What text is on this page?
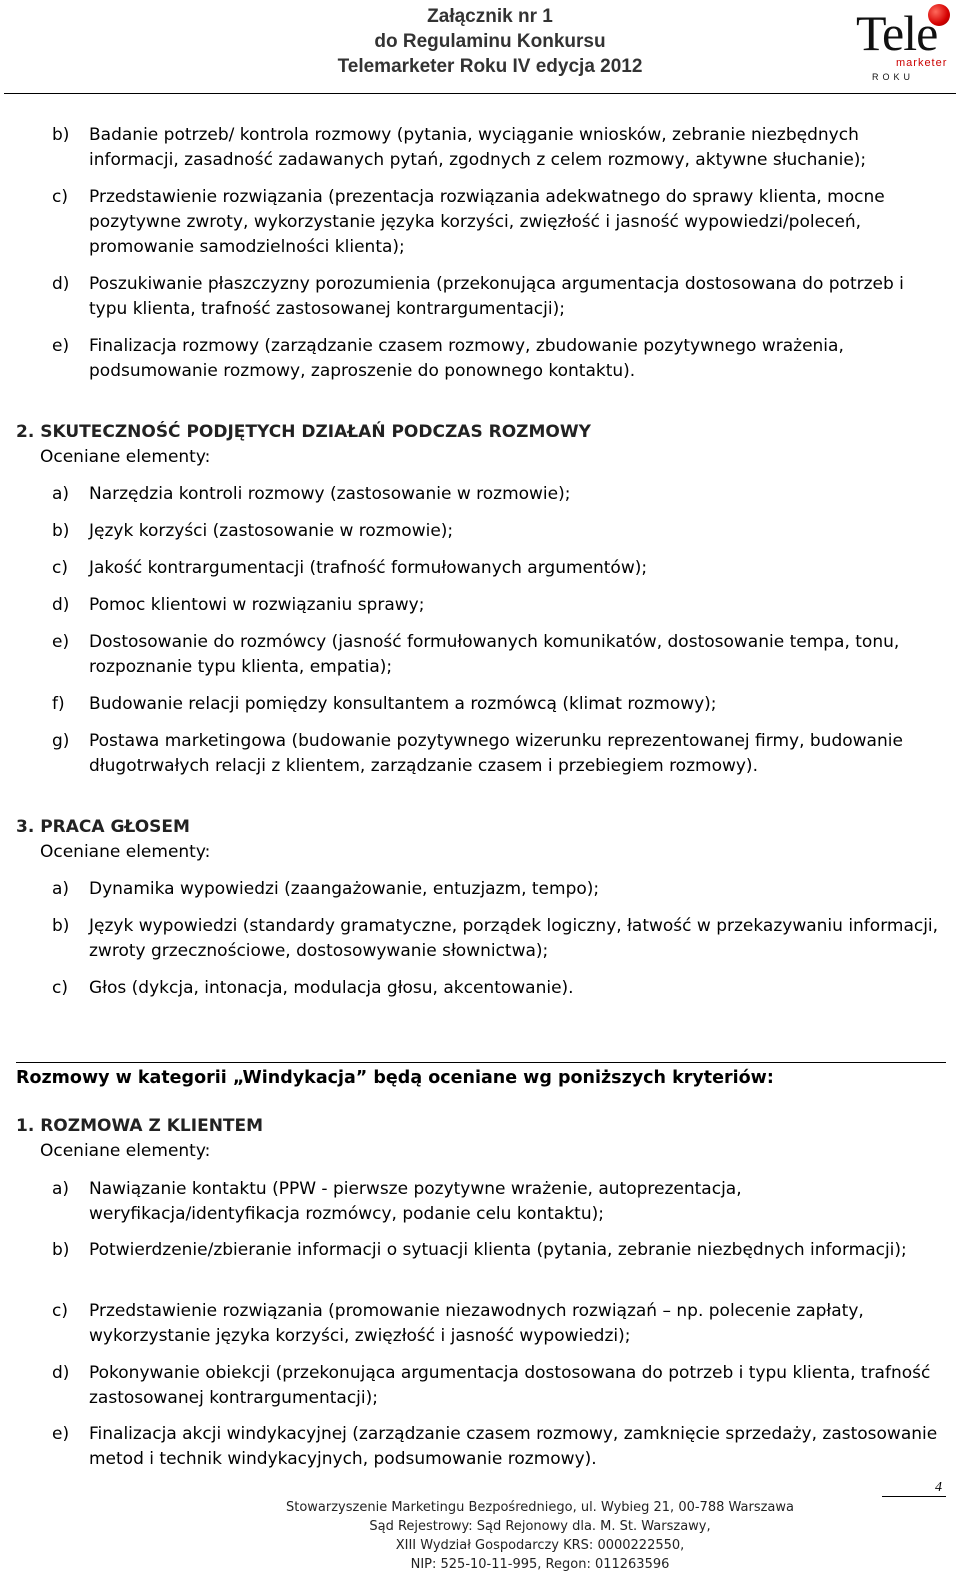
Załącznik nr 1
do Regulaminu Konkursu
Telemarketer Roku IV edycja 2012
Tele
marketer
ROKU
b) Badanie potrzeb/ kontrola rozmowy (pytania, wyciąganie wniosków, zebranie niezbędnych informacji, zasadność zadawanych pytań, zgodnych z celem rozmowy, aktywne słuchanie);
c) Przedstawienie rozwiązania (prezentacja rozwiązania adekwatnego do sprawy klienta, mocne pozytywne zwroty, wykorzystanie języka korzyści, zwięzłość i jasność wypowiedzi/poleceń, promowanie samodzielności klienta);
d) Poszukiwanie płaszczyzny porozumienia (przekonująca argumentacja dostosowana do potrzeb i typu klienta, trafność zastosowanej kontrargumentacji);
e) Finalizacja rozmowy (zarządzanie czasem rozmowy, zbudowanie pozytywnego wrażenia, podsumowanie rozmowy, zaproszenie do ponownego kontaktu).
2. SKUTECZNOŚĆ PODJĘTYCH DZIAŁAŃ PODCZAS ROZMOWY
Oceniane elementy:
a) Narzędzia kontroli rozmowy (zastosowanie w rozmowie);
b) Język korzyści (zastosowanie w rozmowie);
c) Jakość kontrargumentacji (trafność formułowanych argumentów);
d) Pomoc klientowi w rozwiązaniu sprawy;
e) Dostosowanie do rozmówcy (jasność formułowanych komunikatów, dostosowanie tempa, tonu, rozpoznanie typu klienta, empatia);
f) Budowanie relacji pomiędzy konsultantem a rozmówcą (klimat rozmowy);
g) Postawa marketingowa (budowanie pozytywnego wizerunku reprezentowanej firmy, budowanie długotrwałych relacji z klientem, zarządzanie czasem i przebiegiem rozmowy).
3. PRACA GŁOSEM
Oceniane elementy:
a) Dynamika wypowiedzi (zaangażowanie, entuzjazm, tempo);
b) Język wypowiedzi (standardy gramatyczne, porządek logiczny, łatwość w przekazywaniu informacji, zwroty grzecznościowe, dostosowywanie słownictwa);
c) Głos (dykcja, intonacja, modulacja głosu, akcentowanie).
Rozmowy w kategorii „Windykacja” będą oceniane wg poniższych kryteriów:
1. ROZMOWA Z KLIENTEM
Oceniane elementy:
a) Nawiązanie kontaktu (PPW - pierwsze pozytywne wrażenie, autoprezentacja, weryfikacja/identyfikacja rozmówcy, podanie celu kontaktu);
b) Potwierdzenie/zbieranie informacji o sytuacji klienta (pytania, zebranie niezbędnych informacji);
c) Przedstawienie rozwiązania (promowanie niezawodnych rozwiązań – np. polecenie zapłaty, wykorzystanie języka korzyści, zwięzłość i jasność wypowiedzi);
d) Pokonywanie obiekcji (przekonująca argumentacja dostosowana do potrzeb i typu klienta, trafność zastosowanej kontrargumentacji);
e) Finalizacja akcji windykacyjnej (zarządzanie czasem rozmowy, zamknięcie sprzedaży, zastosowanie metod i technik windykacyjnych, podsumowanie rozmowy).
4
Stowarzyszenie Marketingu Bezpośredniego, ul. Wybieg 21, 00-788 Warszawa
Sąd Rejestrowy: Sąd Rejonowy dla. M. St. Warszawy,
XIII Wydział Gospodarczy KRS: 0000222550,
NIP: 525-10-11-995, Regon: 011263596
